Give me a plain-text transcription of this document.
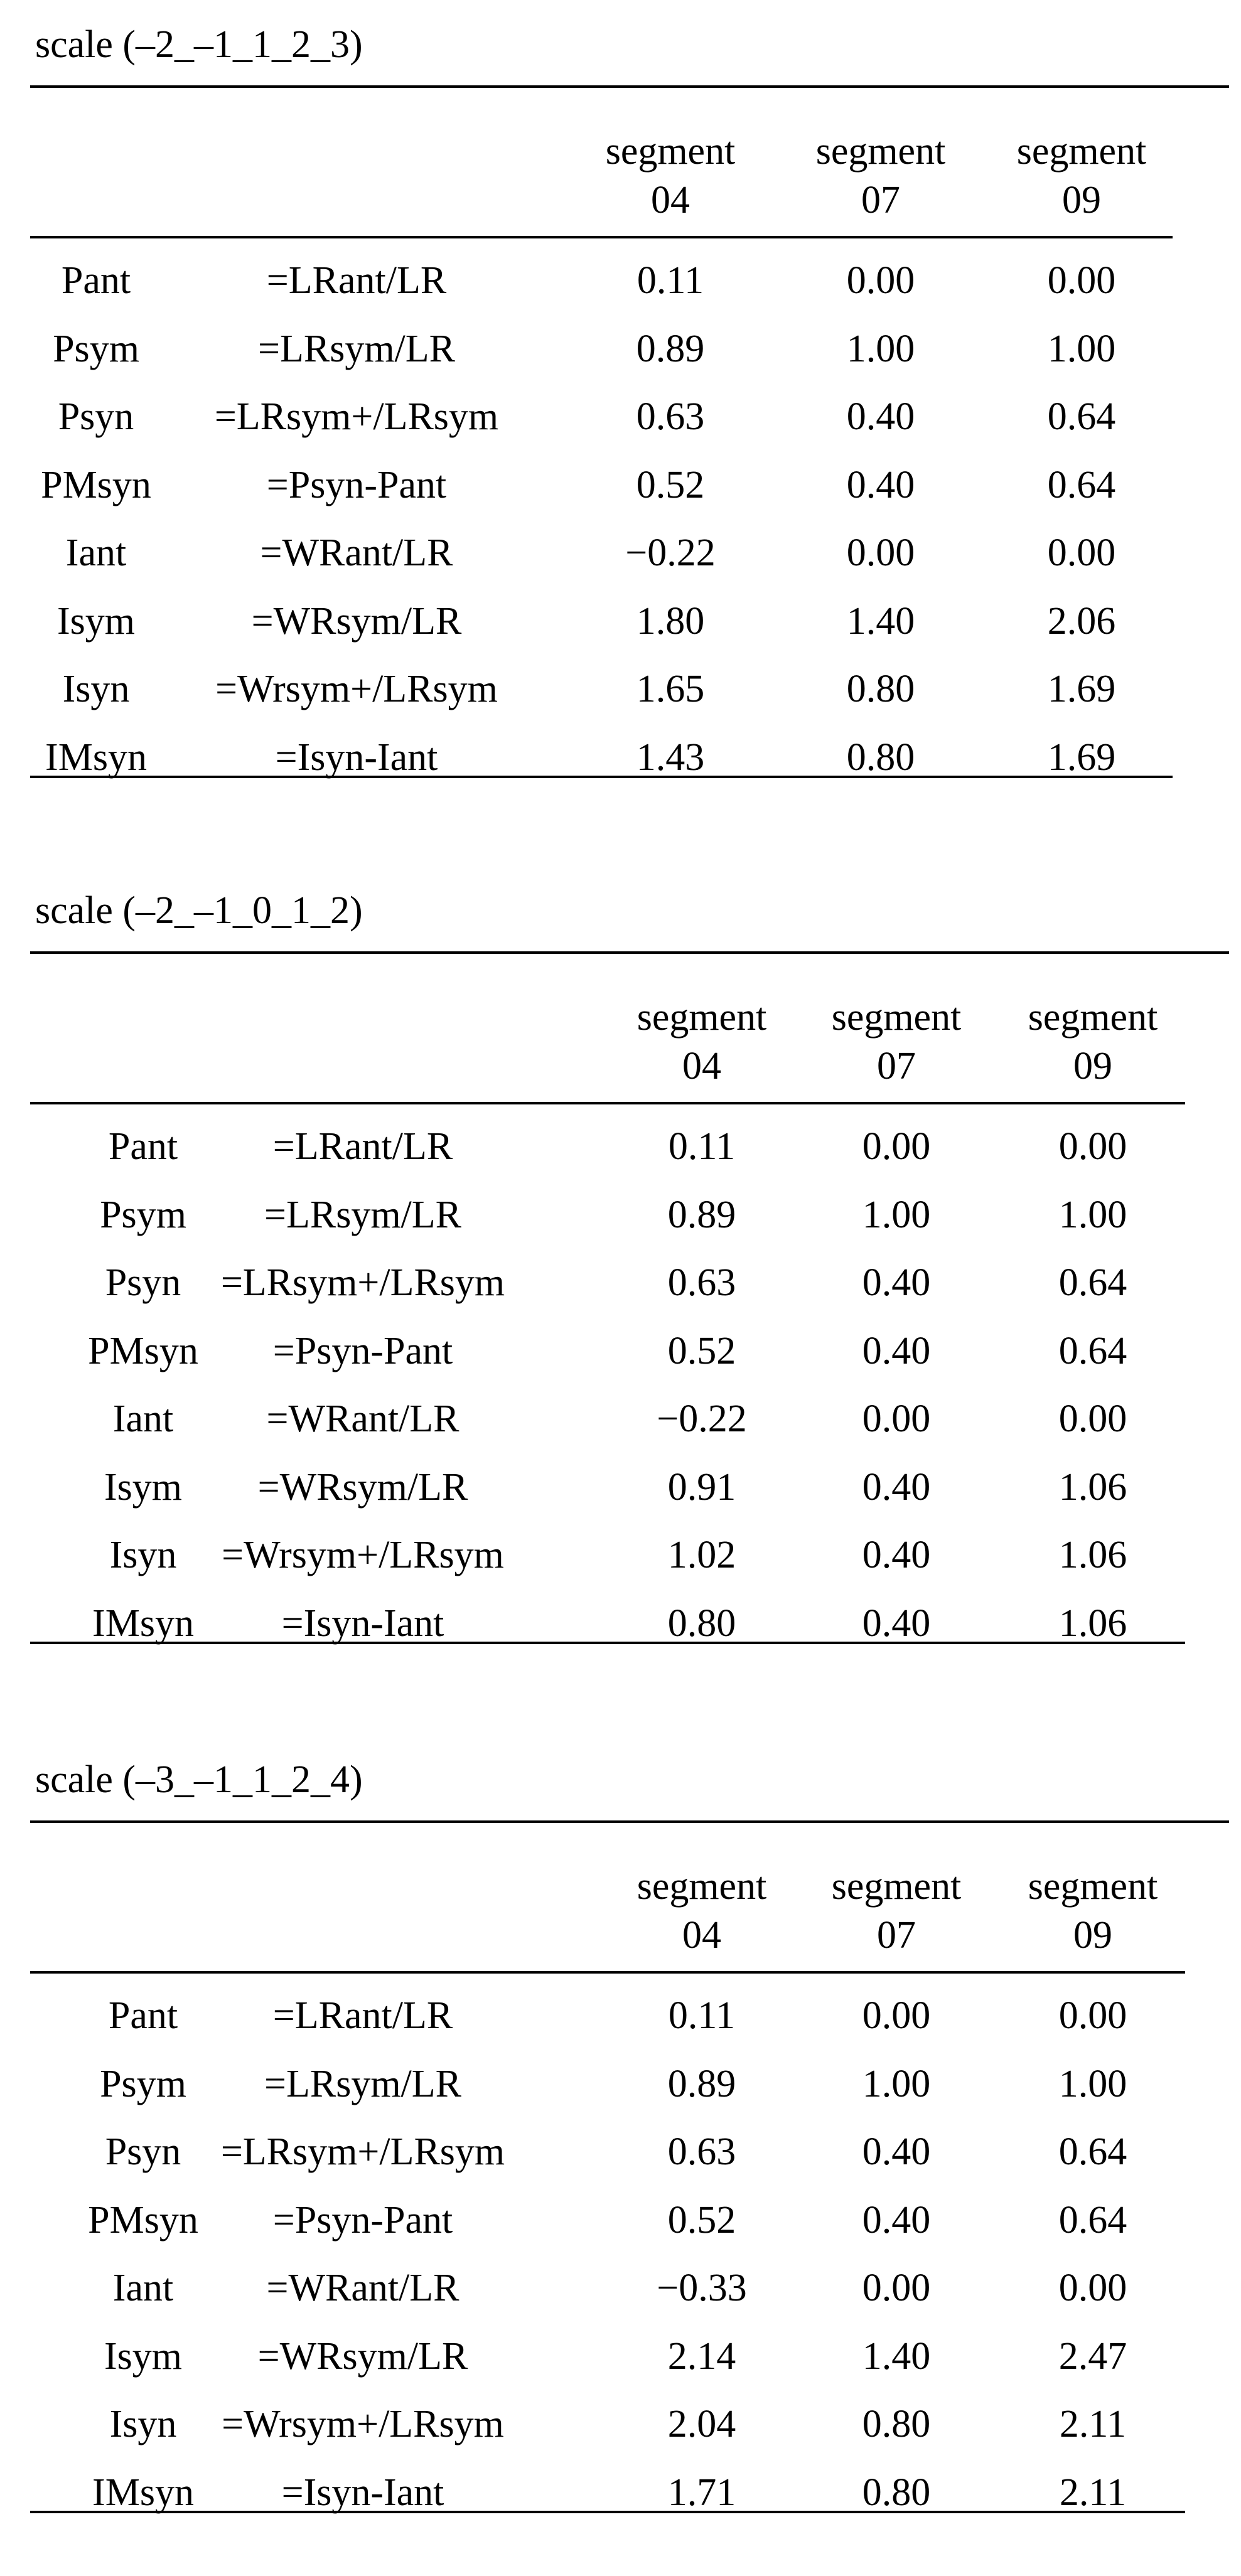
scale (–2_–1_1_2_3)
segment
04
segment
07
segment
09
Pant	=LRant/LR	0.11	0.00	0.00
Psym	=LRsym/LR	0.89	1.00	1.00
Psyn =LRsym+/LRsym	0.63	0.40	0.64
PMsyn	=Psyn-Pant	0.52	0.40	0.64
Iant	=WRant/LR	−0.22	0.00	0.00
Isym	=WRsym/LR	1.80	1.40	2.06
Isyn =Wrsym+/LRsym	1.65	0.80	1.69
IMsyn	=Isyn-Iant	1.43	0.80	1.69
scale (–2_–1_0_1_2)
segment
04
segment
07
segment
09
Pant =LRant/LR	0.11	0.00	0.00
Psym =LRsym/LR	0.89	1.00	1.00
Psyn =LRsym+/LRsym	0.63	0.40	0.64
PMsyn =Psyn-Pant	0.52	0.40	0.64
Iant =WRant/LR	−0.22	0.00	0.00
Isym =WRsym/LR	0.91	0.40	1.06
Isyn =Wrsym+/LRsym	1.02	0.40	1.06
IMsyn =Isyn-Iant	0.80	0.40	1.06
scale (–3_–1_1_2_4)
segment
04
segment
07
segment
09
Pant =LRant/LR	0.11	0.00	0.00
Psym =LRsym/LR	0.89	1.00	1.00
Psyn =LRsym+/LRsym	0.63	0.40	0.64
PMsyn =Psyn-Pant	0.52	0.40	0.64
Iant =WRant/LR	−0.33	0.00	0.00
Isym =WRsym/LR	2.14	1.40	2.47
Isyn =Wrsym+/LRsym	2.04	0.80	2.11
IMsyn =Isyn-Iant	1.71	0.80	2.11
